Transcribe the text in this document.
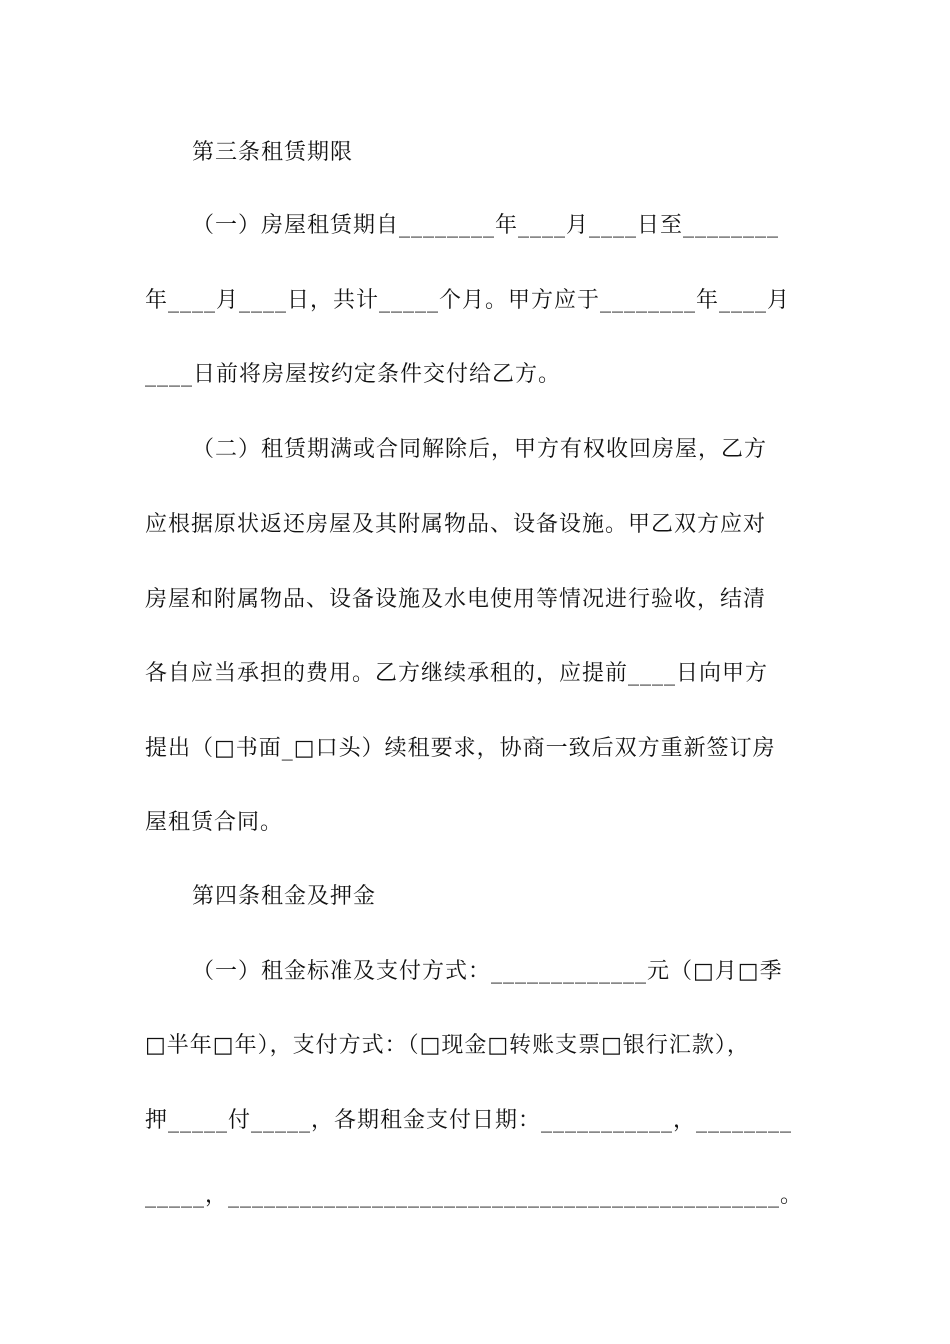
第三条租赁期限
（一）房屋租赁期自________年____月____日至________
年____月____日，共计_____个月。甲方应于________年____月
____日前将房屋按约定条件交付给乙方。
（二）租赁期满或合同解除后，甲方有权收回房屋，乙方
应根据原状返还房屋及其附属物品、设备设施。甲乙双方应对
房屋和附属物品、设备设施及水电使用等情况进行验收，结清
各自应当承担的费用。乙方继续承租的，应提前____日向甲方
提出（□书面_□口头）续租要求，协商一致后双方重新签订房
屋租赁合同。
第四条租金及押金
（一）租金标准及支付方式：_____________元（□月□季
□半年□年），支付方式：（□现金□转账支票□银行汇款），
押_____付_____，各期租金支付日期：___________，________
_____，______________________________________________。
